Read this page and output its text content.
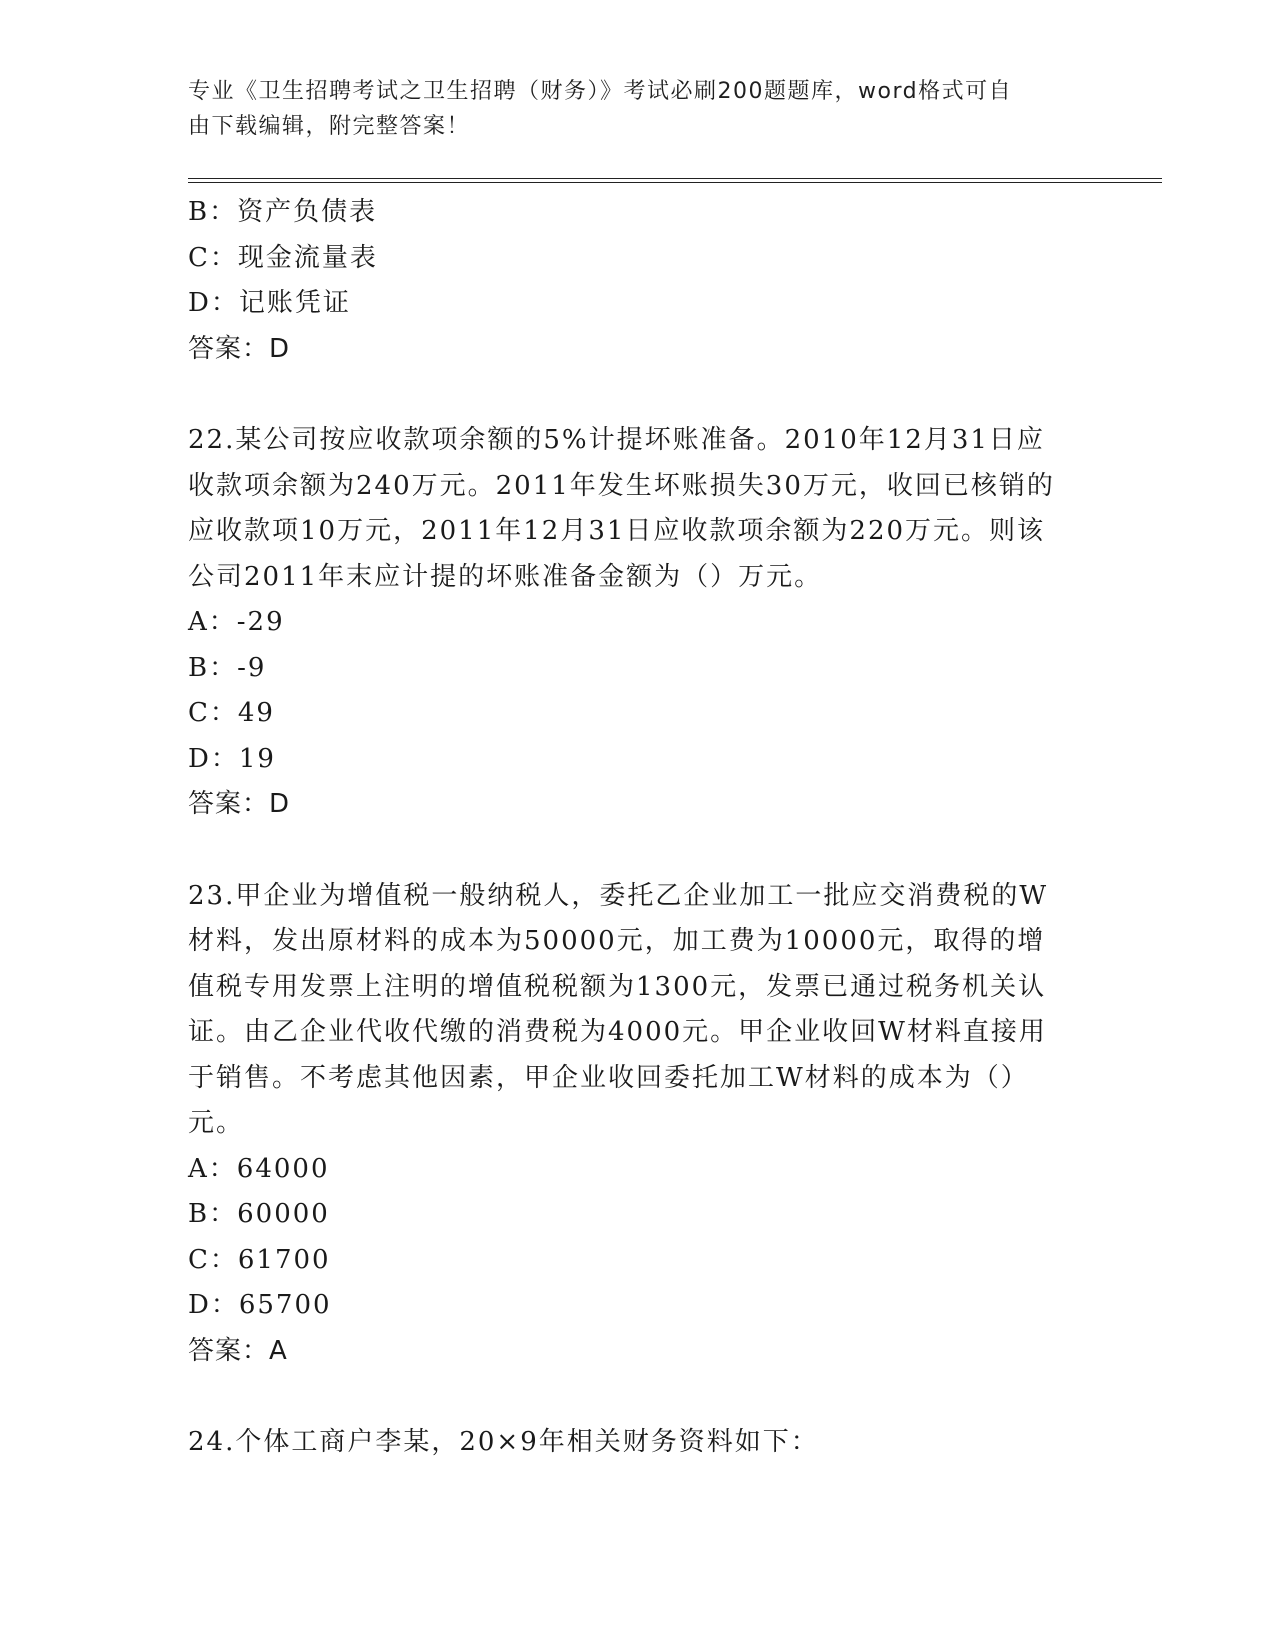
专业《卫生招聘考试之卫生招聘（财务）》考试必刷200题题库，word格式可自
由下载编辑，附完整答案！
B：资产负债表
C：现金流量表
D：记账凭证
答案：D
22.某公司按应收款项余额的5%计提坏账准备。2010年12月31日应
收款项余额为240万元。2011年发生坏账损失30万元，收回已核销的
应收款项10万元，2011年12月31日应收款项余额为220万元。则该
公司2011年末应计提的坏账准备金额为（）万元。
A：-29
B：-9
C：49
D：19
答案：D
23.甲企业为增值税一般纳税人，委托乙企业加工一批应交消费税的W
材料，发出原材料的成本为50000元，加工费为10000元，取得的增
值税专用发票上注明的增值税税额为1300元，发票已通过税务机关认
证。由乙企业代收代缴的消费税为4000元。甲企业收回W材料直接用
于销售。不考虑其他因素，甲企业收回委托加工W材料的成本为（）
元。
A：64000
B：60000
C：61700
D：65700
答案：A
24.个体工商户李某，20×9年相关财务资料如下：
